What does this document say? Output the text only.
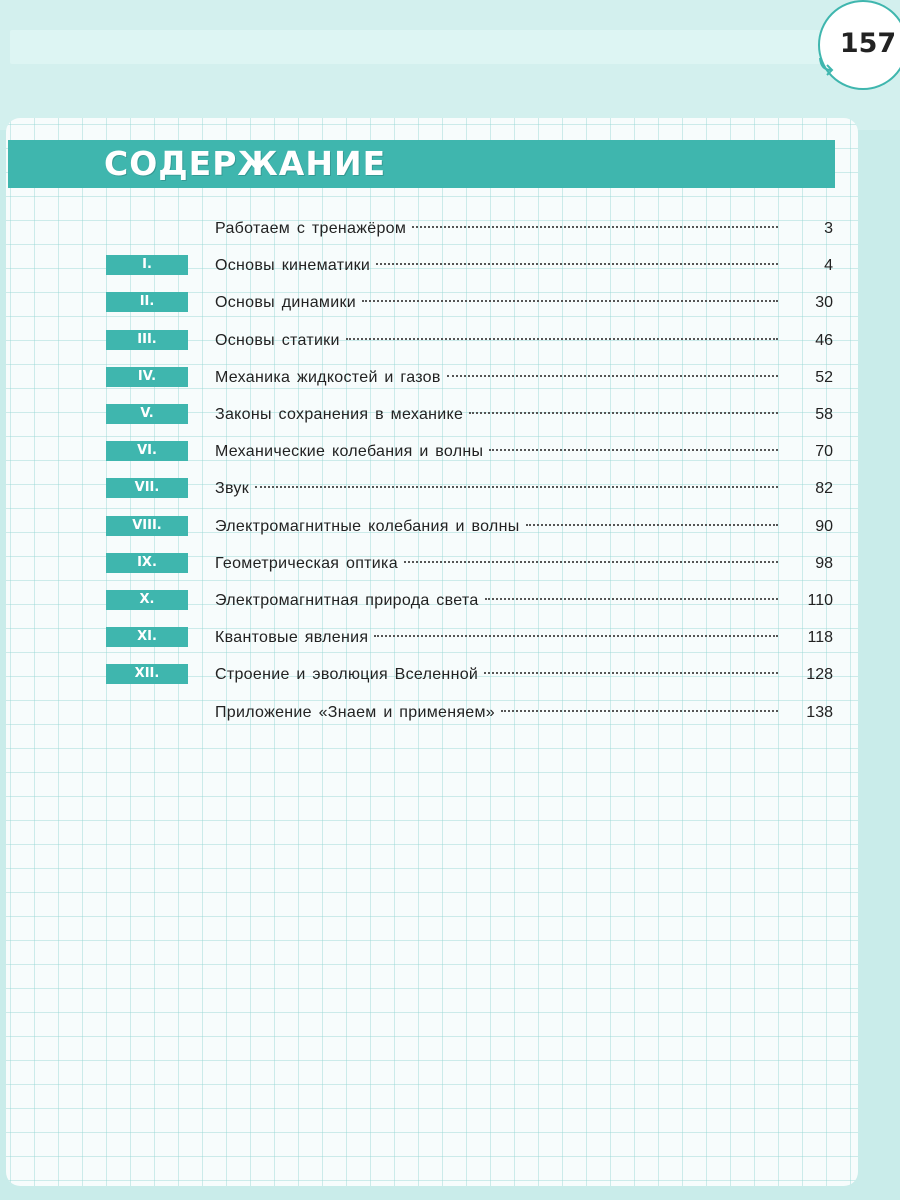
157
СОДЕРЖАНИЕ
Работаем с тренажёром	3
I.	Основы кинематики	4
II.	Основы динамики	30
III.	Основы статики	46
IV.	Механика жидкостей и газов	52
V.	Законы сохранения в механике	58
VI.	Механические колебания и волны	70
VII.	Звук	82
VIII.	Электромагнитные колебания и волны	90
IX.	Геометрическая оптика	98
X.	Электромагнитная природа света	110
XI.	Квантовые явления	118
XII.	Строение и эволюция Вселенной	128
Приложение «Знаем и применяем»	138
